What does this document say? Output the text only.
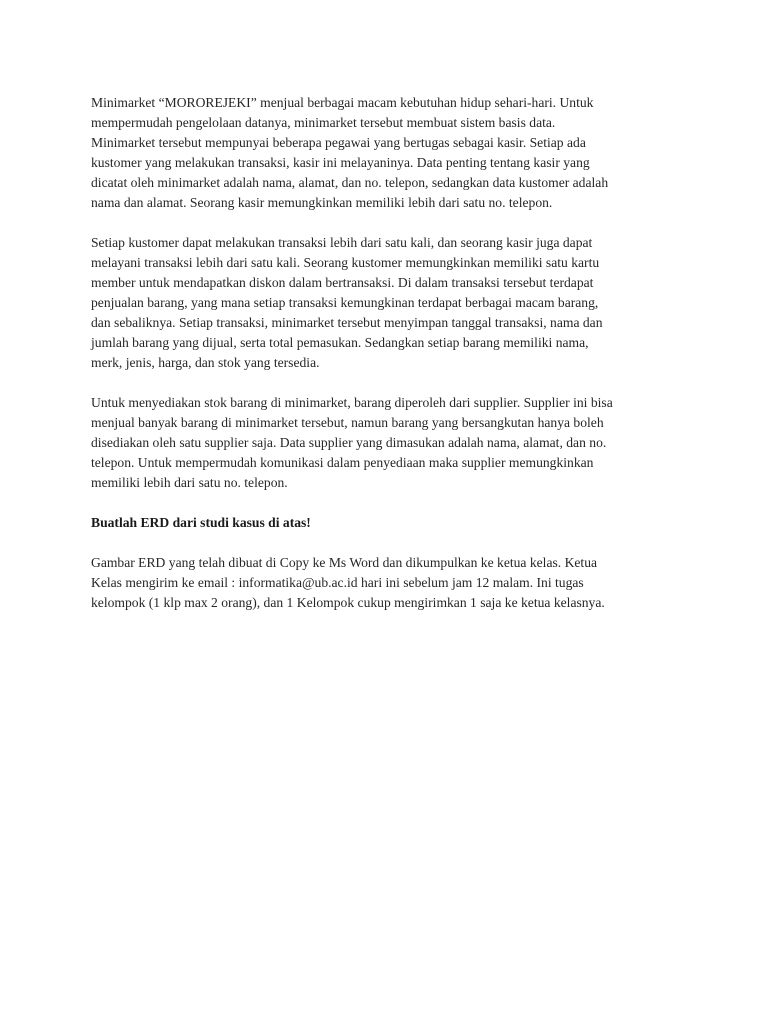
Minimarket “MOROREJEKI” menjual berbagai macam kebutuhan hidup sehari-hari. Untuk
mempermudah pengelolaan datanya, minimarket tersebut membuat sistem basis data.
Minimarket tersebut mempunyai beberapa pegawai yang bertugas sebagai kasir. Setiap ada
kustomer yang melakukan transaksi, kasir ini melayaninya. Data penting tentang kasir yang
dicatat oleh minimarket adalah nama, alamat, dan no. telepon, sedangkan data kustomer adalah
nama dan alamat. Seorang kasir memungkinkan memiliki lebih dari satu no. telepon.

Setiap kustomer dapat melakukan transaksi lebih dari satu kali, dan seorang kasir juga dapat
melayani transaksi lebih dari satu kali. Seorang kustomer memungkinkan memiliki satu kartu
member untuk mendapatkan diskon dalam bertransaksi. Di dalam transaksi tersebut terdapat
penjualan barang, yang mana setiap transaksi kemungkinan terdapat berbagai macam barang,
dan sebaliknya. Setiap transaksi, minimarket tersebut menyimpan tanggal transaksi, nama dan
jumlah barang yang dijual, serta total pemasukan. Sedangkan setiap barang memiliki nama,
merk, jenis, harga, dan stok yang tersedia.

Untuk menyediakan stok barang di minimarket, barang diperoleh dari supplier. Supplier ini bisa
menjual banyak barang di minimarket tersebut, namun barang yang bersangkutan hanya boleh
disediakan oleh satu supplier saja. Data supplier yang dimasukan adalah nama, alamat, dan no.
telepon. Untuk mempermudah komunikasi dalam penyediaan maka supplier memungkinkan
memiliki lebih dari satu no. telepon.

Buatlah ERD dari studi kasus di atas!

Gambar ERD yang telah dibuat di Copy ke Ms Word dan dikumpulkan ke ketua kelas. Ketua
Kelas mengirim ke email : informatika@ub.ac.id hari ini sebelum jam 12 malam. Ini tugas
kelompok (1 klp max 2 orang), dan 1 Kelompok cukup mengirimkan 1 saja ke ketua kelasnya.
